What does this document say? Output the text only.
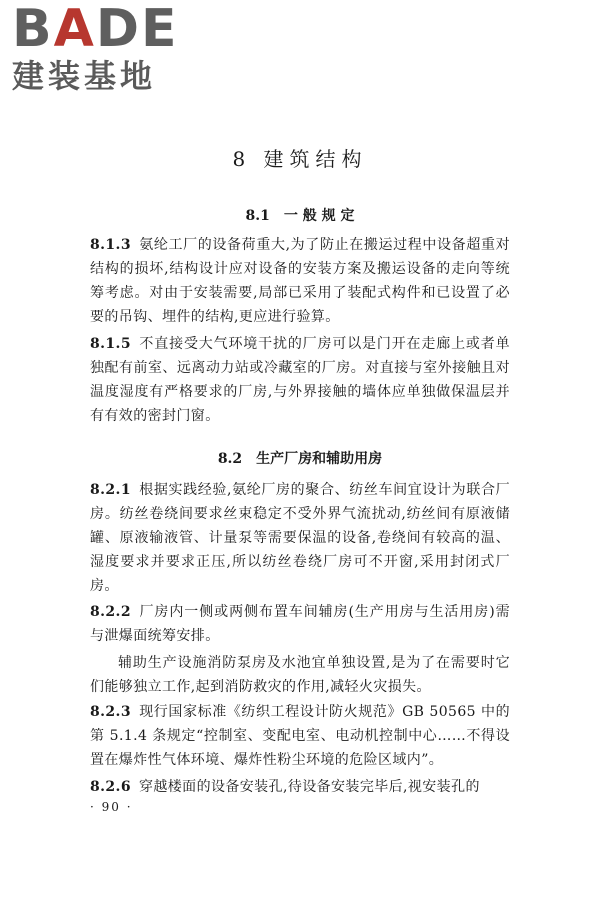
B A DE
建装基地
8 建筑结构
8.1 一 般 规 定
8.1.3 氨纶工厂的设备荷重大,为了防止在搬运过程中设备超重对结构的损坏,结构设计应对设备的安装方案及搬运设备的走向等统筹考虑。对由于安装需要,局部已采用了装配式构件和已设置了必要的吊钩、埋件的结构,更应进行验算。
8.1.5 不直接受大气环境干扰的厂房可以是门开在走廊上或者单独配有前室、远离动力站或冷藏室的厂房。对直接与室外接触且对温度湿度有严格要求的厂房,与外界接触的墙体应单独做保温层并有有效的密封门窗。
8.2 生产厂房和辅助用房
8.2.1 根据实践经验,氨纶厂房的聚合、纺丝车间宜设计为联合厂房。纺丝卷绕间要求丝束稳定不受外界气流扰动,纺丝间有原液储罐、原液输液管、计量泵等需要保温的设备,卷绕间有较高的温、湿度要求并要求正压,所以纺丝卷绕厂房可不开窗,采用封闭式厂房。
8.2.2 厂房内一侧或两侧布置车间辅房(生产用房与生活用房)需与泄爆面统筹安排。
辅助生产设施消防泵房及水池宜单独设置,是为了在需要时它们能够独立工作,起到消防救灾的作用,减轻火灾损失。
8.2.3 现行国家标准《纺织工程设计防火规范》GB 50565 中的第 5.1.4 条规定“控制室、变配电室、电动机控制中心……不得设置在爆炸性气体环境、爆炸性粉尘环境的危险区域内”。
8.2.6 穿越楼面的设备安装孔,待设备安装完毕后,视安装孔的
· 90 ·
